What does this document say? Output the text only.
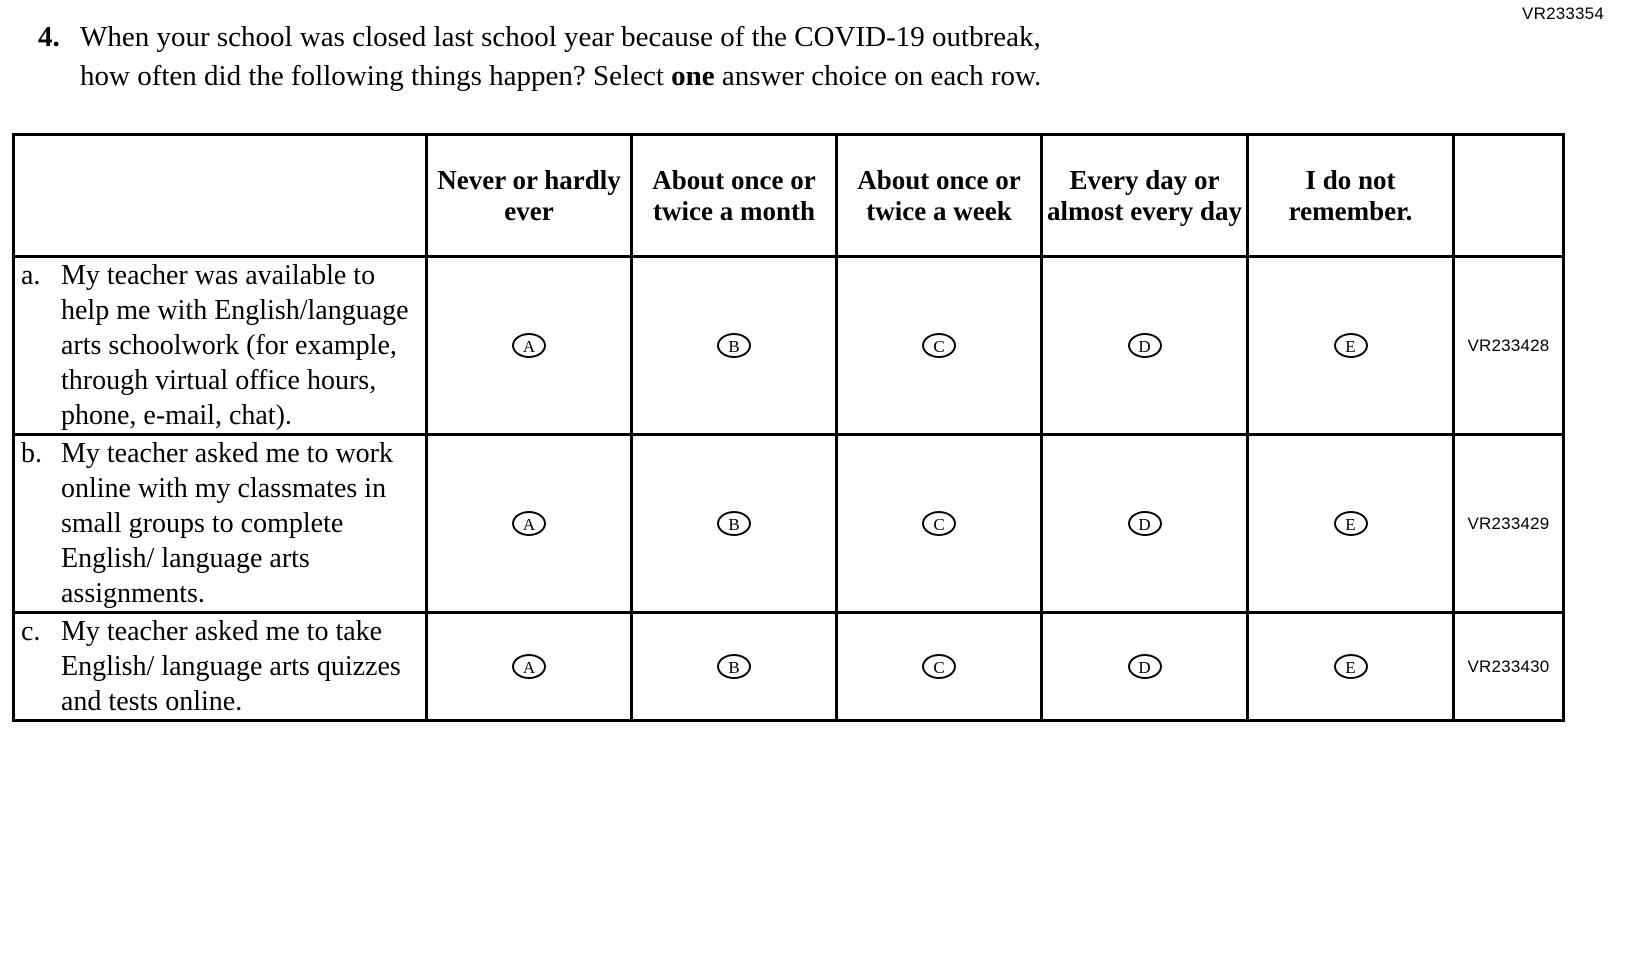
VR233354
4. When your school was closed last school year because of the COVID-19 outbreak,
how often did the following things happen? Select one answer choice on each row.
	Never or hardly ever	About once or twice a month	About once or twice a week	Every day or almost every day	I do not remember.	

a. My teacher was available to help me with English/language arts schoolwork (for example, through virtual office hours, phone, e-mail, chat).	A	B	C	D	E	VR233428

b. My teacher asked me to work online with my classmates in small groups to complete English/ language arts assignments.	A	B	C	D	E	VR233429

c. My teacher asked me to take English/ language arts quizzes and tests online.	A	B	C	D	E	VR233430
